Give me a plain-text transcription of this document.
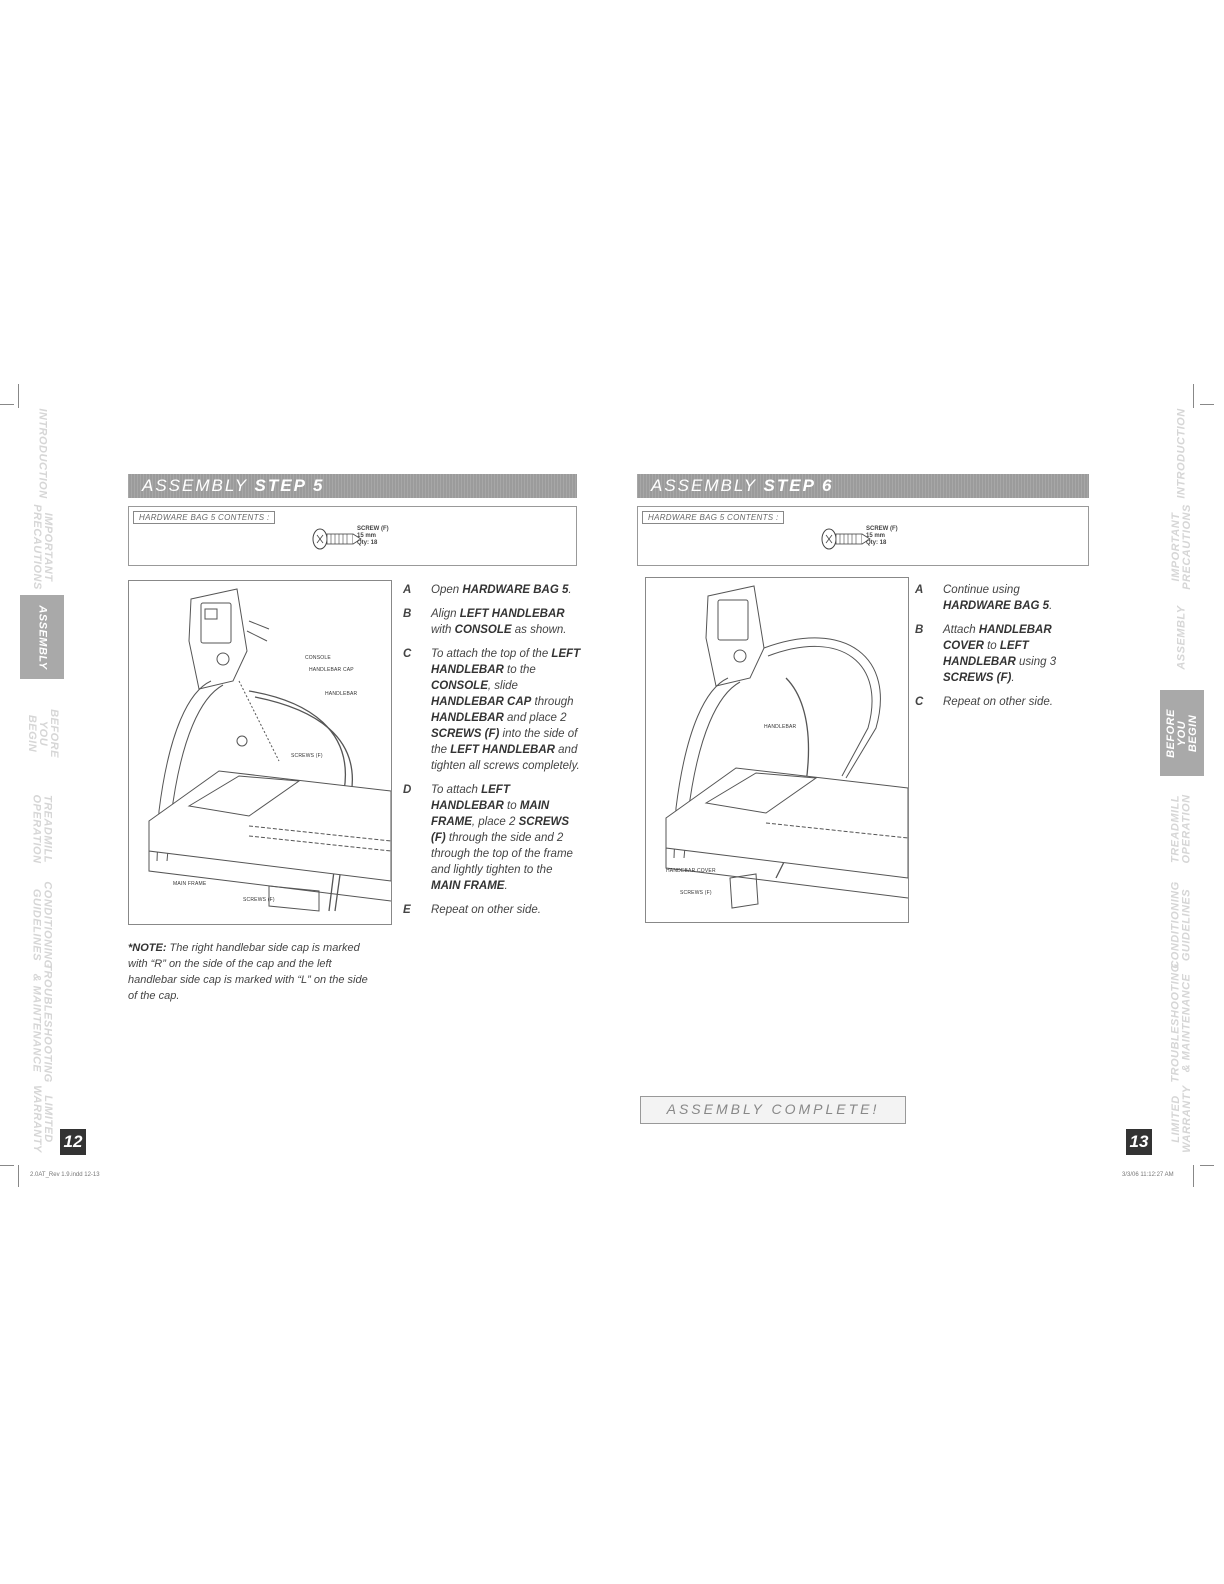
INTRODUCTION
IMPORTANT
PRECAUTIONS
ASSEMBLY
BEFORE
YOU BEGIN
TREADMILL
OPERATION
CONDITIONING
GUIDELINES
TROUBLESHOOTING
& MAINTENANCE
LIMITED
WARRANTY
INTRODUCTION
IMPORTANT
PRECAUTIONS
ASSEMBLY
BEFORE
YOU BEGIN
TREADMILL
OPERATION
CONDITIONING
GUIDELINES
TROUBLESHOOTING
& MAINTENANCE
LIMITED
WARRANTY
12	13
ASSEMBLY STEP 5
HARDWARE BAG 5 CONTENTS :
SCREW (F)
15 mm
Qty: 18
CONSOLE
HANDLEBAR CAP
HANDLEBAR
SCREWS (F)
MAIN FRAME
SCREWS (F)
A Open HARDWARE BAG 5.
B Align LEFT HANDLEBAR with CONSOLE as shown.
C To attach the top of the LEFT HANDLEBAR to the CONSOLE, slide HANDLEBAR CAP through HANDLEBAR and place 2 SCREWS (F) into the side of the LEFT HANDLEBAR and tighten all screws completely.
D To attach LEFT HANDLEBAR to MAIN FRAME, place 2 SCREWS (F) through the side and 2 through the top of the frame and lightly tighten to the MAIN FRAME.
E Repeat on other side.
*NOTE: The right handlebar side cap is marked with “R” on the side of the cap and the left handlebar side cap is marked with “L” on the side of the cap.
2.0AT_Rev 1.9.indd 12-13
ASSEMBLY STEP 6
HARDWARE BAG 5 CONTENTS :
SCREW (F)
15 mm
Qty: 18
HANDLEBAR
HANDEBAR COVER
SCREWS (F)
A Continue using HARDWARE BAG 5.
B Attach HANDLEBAR COVER to LEFT HANDLEBAR using 3 SCREWS (F).
C Repeat on other side.
ASSEMBLY COMPLETE!
3/3/06 11:12:27 AM
